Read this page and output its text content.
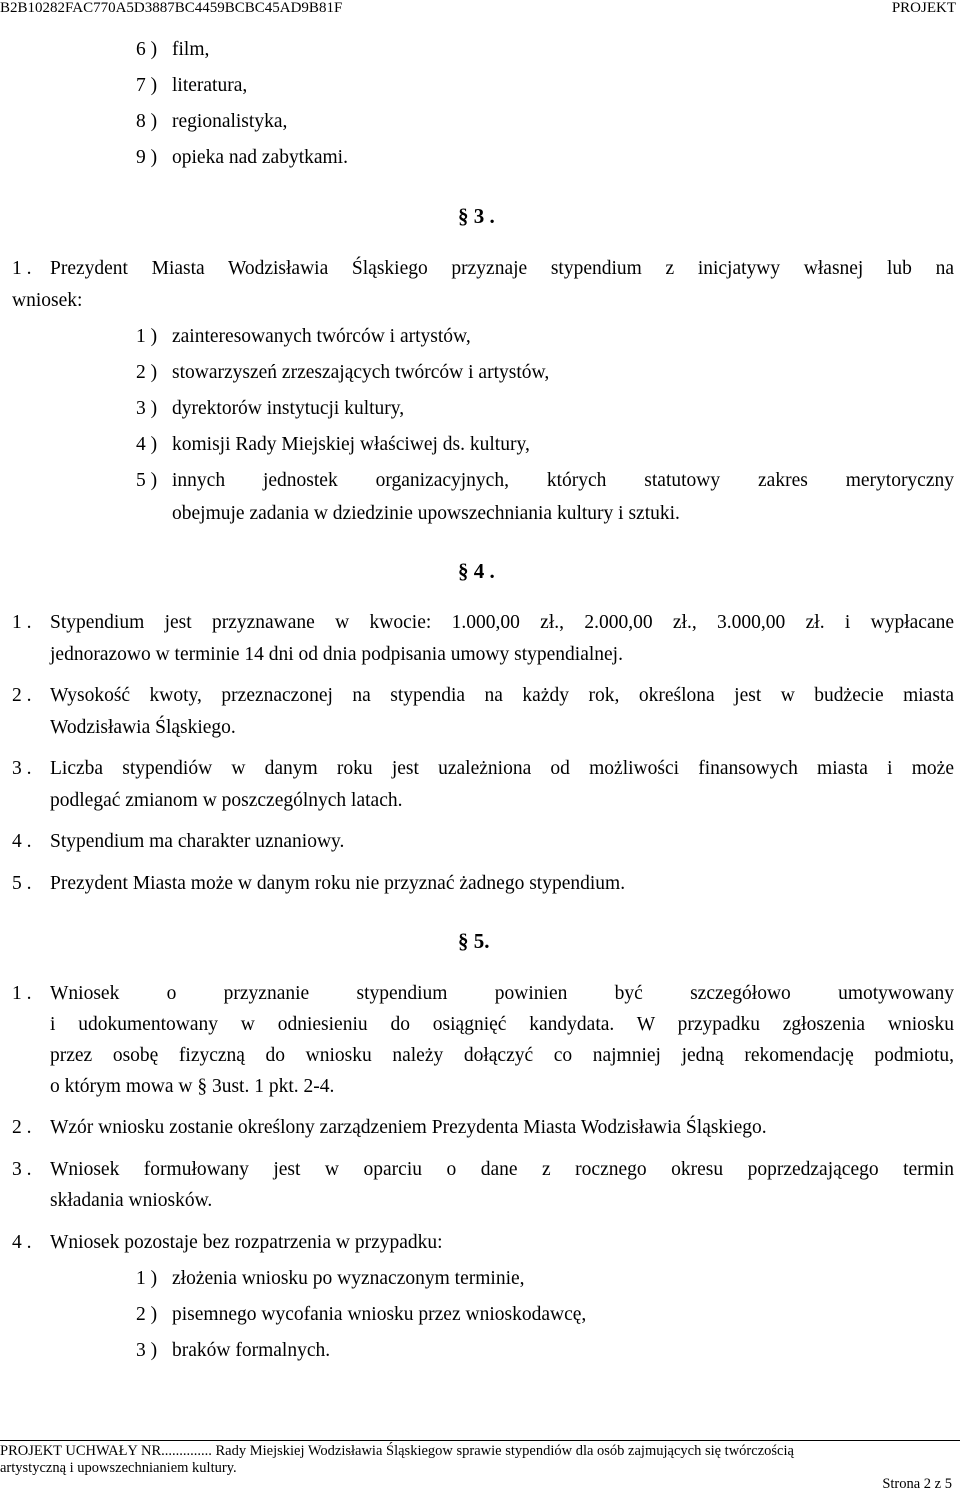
B2B10282FAC770A5D3887BC4459BCBC45AD9B81F	PROJEKT
6 ) film,
7 ) literatura,
8 ) regionalistyka,
9 ) opieka nad zabytkami.
§ 3 .
1 . Prezydent Miasta Wodzisławia Śląskiego przyznaje stypendium z inicjatywy własnej lub na
wniosek:
1 ) zainteresowanych twórców i artystów,
2 ) stowarzyszeń zrzeszających twórców i artystów,
3 ) dyrektorów instytucji kultury,
4 ) komisji Rady Miejskiej właściwej ds. kultury,
5 ) innych jednostek organizacyjnych, których statutowy zakres merytoryczny
obejmuje zadania w dziedzinie upowszechniania kultury i sztuki.
§ 4 .
1 . Stypendium jest przyznawane w kwocie: 1.000,00 zł., 2.000,00 zł., 3.000,00 zł. i wypłacane
jednorazowo w terminie 14 dni od dnia podpisania umowy stypendialnej.
2 . Wysokość kwoty, przeznaczonej na stypendia na każdy rok, określona jest w budżecie miasta
Wodzisławia Śląskiego.
3 . Liczba stypendiów w danym roku jest uzależniona od możliwości finansowych miasta i może
podlegać zmianom w poszczególnych latach.
4 . Stypendium ma charakter uznaniowy.
5 . Prezydent Miasta może w danym roku nie przyznać żadnego stypendium.
§ 5.
1 . Wniosek o przyznanie stypendium powinien być szczegółowo umotywowany
i udokumentowany w odniesieniu do osiągnięć kandydata. W przypadku zgłoszenia wniosku
przez osobę fizyczną do wniosku należy dołączyć co najmniej jedną rekomendację podmiotu,
o którym mowa w § 3ust. 1 pkt. 2-4.
2 . Wzór wniosku zostanie określony zarządzeniem Prezydenta Miasta Wodzisławia Śląskiego.
3 . Wniosek formułowany jest w oparciu o dane z rocznego okresu poprzedzającego termin
składania wniosków.
4 . Wniosek pozostaje bez rozpatrzenia w przypadku:
1 ) złożenia wniosku po wyznaczonym terminie,
2 ) pisemnego wycofania wniosku przez wnioskodawcę,
3 ) braków formalnych.
PROJEKT UCHWAŁY NR.............. Rady Miejskiej Wodzisławia Śląskiegow sprawie stypendiów dla osób zajmujących się twórczością
artystyczną i upowszechnianiem kultury.
Strona 2 z 5
